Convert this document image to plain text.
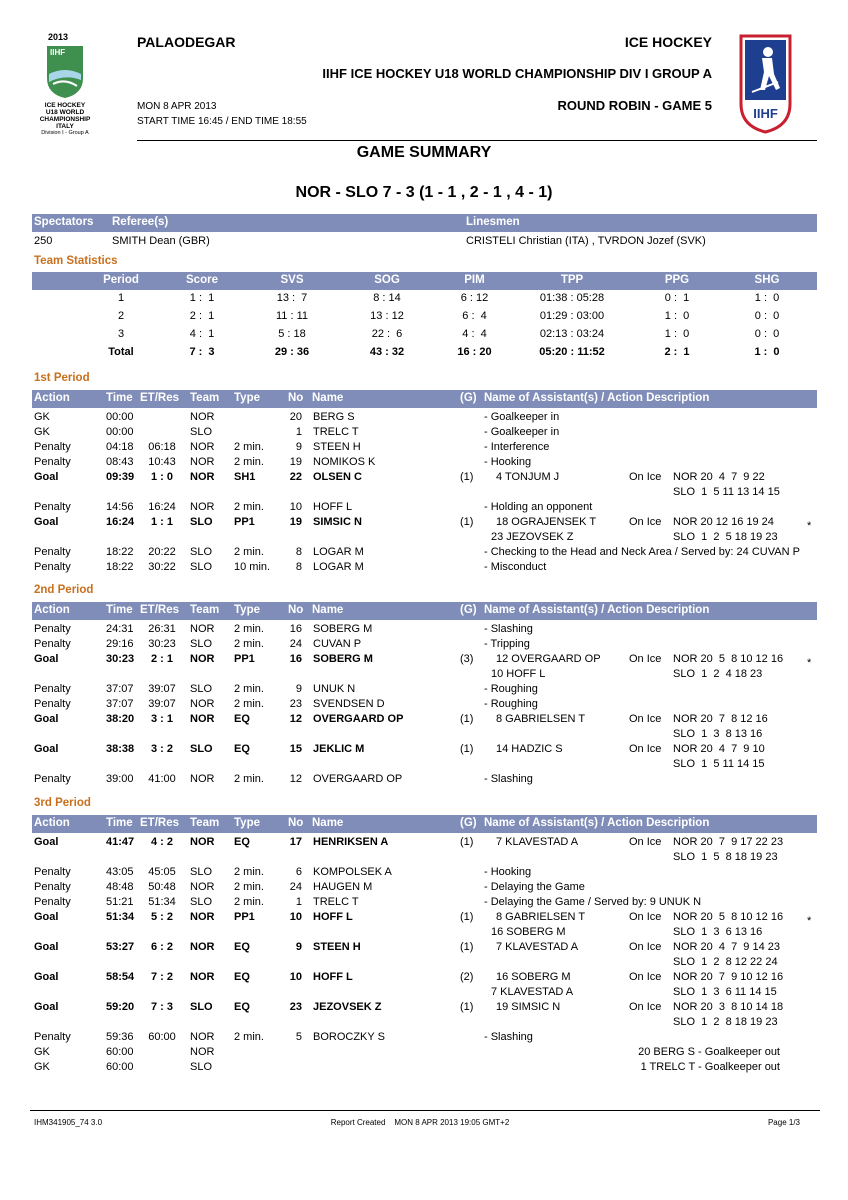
2013
IIHF
ICE HOCKEY
U18 WORLD
CHAMPIONSHIP
ITALY
Division I - Group A
PALAODEGAR	ICE HOCKEY
IIHF ICE HOCKEY U18 WORLD CHAMPIONSHIP DIV I GROUP A
MON 8 APR 2013
START TIME 16:45 / END TIME 18:55
ROUND ROBIN - GAME 5
IIHF
GAME SUMMARY
NOR - SLO 7 - 3 (1 - 1 , 2 - 1 , 4 - 1)
Spectators Referee(s)	Linesmen
250	SMITH Dean (GBR)	CRISTELI Christian (ITA) , TVRDON Jozef (SVK)
Team Statistics
Period	Score	SVS	SOG	PIM	TPP	PPG	SHG
1	1 :  1	13 :  7	8 : 14	6 : 12	01:38 : 05:28	0 :  1	1 :  0
2	2 :  1	11 : 11	13 : 12	6 :  4	01:29 : 03:00	1 :  0	0 :  0
3	4 :  1	5 : 18	22 :  6	4 :  4	02:13 : 03:24	1 :  0	0 :  0
Total	7 :  3	29 : 36	43 : 32	16 : 20	05:20 : 11:52	2 :  1	1 :  0
1st Period
Action	Time ET/Res Team Type No Name	(G) Name of Assistant(s) / Action Description
GK	00:00	NOR	20 BERG S	- Goalkeeper in
GK	00:00	SLO	1 TRELC T	- Goalkeeper in
Penalty	04:18	06:18	NOR 2 min.	9 STEEN H	- Interference
Penalty	08:43	10:43	NOR 2 min.	19 NOMIKOS K	- Hooking
Goal	09:39	1 : 0	NOR SH1	22 OLSEN C	(1) 4 TONJUM J	On Ice NOR 20  4  7  9 22
SLO  1  5 11 13 14 15
Penalty	14:56	16:24	NOR 2 min.	10 HOFF L	- Holding an opponent
Goal	16:24	1 : 1	SLO PP1	19 SIMSIC N	(1) 18 OGRAJENSEK T	On Ice NOR 20 12 16 19 24	*
23 JEZOVSEK Z	SLO  1  2  5 18 19 23
Penalty	18:22	20:22	SLO 2 min.	8 LOGAR M	- Checking to the Head and Neck Area / Served by: 24 CUVAN P
Penalty	18:22	30:22	SLO 10 min.	8 LOGAR M	- Misconduct
2nd Period
Action	Time ET/Res Team Type No Name	(G) Name of Assistant(s) / Action Description
Penalty	24:31	26:31	NOR 2 min.	16 SOBERG M	- Slashing
Penalty	29:16	30:23	SLO 2 min.	24 CUVAN P	- Tripping
Goal	30:23	2 : 1	NOR PP1	16 SOBERG M	(3) 12 OVERGAARD OP	On Ice NOR 20  5  8 10 12 16 *
10 HOFF L	SLO  1  2  4 18 23
Penalty	37:07	39:07	SLO 2 min.	9 UNUK N	- Roughing
Penalty	37:07	39:07	NOR 2 min.	23 SVENDSEN D	- Roughing
Goal	38:20	3 : 1	NOR EQ	12 OVERGAARD OP	(1) 8 GABRIELSEN T	On Ice NOR 20  7  8 12 16
SLO  1  3  8 13 16
Goal	38:38	3 : 2	SLO EQ	15 JEKLIC M	(1) 14 HADZIC S	On Ice NOR 20  4  7  9 10
SLO  1  5 11 14 15
Penalty	39:00	41:00	NOR 2 min.	12 OVERGAARD OP	- Slashing
3rd Period
Action	Time ET/Res Team Type No Name	(G) Name of Assistant(s) / Action Description
Goal	41:47	4 : 2	NOR EQ	17 HENRIKSEN A	(1) 7 KLAVESTAD A	On Ice NOR 20  7  9 17 22 23
SLO  1  5  8 18 19 23
Penalty	43:05	45:05	SLO 2 min.	6 KOMPOLSEK A	- Hooking
Penalty	48:48	50:48	NOR 2 min.	24 HAUGEN M	- Delaying the Game
Penalty	51:21	51:34	SLO 2 min.	1 TRELC T	- Delaying the Game / Served by: 9 UNUK N
Goal	51:34	5 : 2	NOR PP1	10 HOFF L	(1) 8 GABRIELSEN T	On Ice NOR 20  5  8 10 12 16 *
16 SOBERG M	SLO  1  3  6 13 16
Goal	53:27	6 : 2	NOR EQ	9 STEEN H	(1) 7 KLAVESTAD A	On Ice NOR 20  4  7  9 14 23
SLO  1  2  8 12 22 24
Goal	58:54	7 : 2	NOR EQ	10 HOFF L	(2) 16 SOBERG M	On Ice NOR 20  7  9 10 12 16
7 KLAVESTAD A	SLO  1  3  6 11 14 15
Goal	59:20	7 : 3	SLO EQ	23 JEZOVSEK Z	(1) 19 SIMSIC N	On Ice NOR 20  3  8 10 14 18
SLO  1  2  8 18 19 23
Penalty	59:36	60:00	NOR 2 min.	5 BOROCZKY S	- Slashing
GK	60:00	NOR	20 BERG S - Goalkeeper out
GK	60:00	SLO	1 TRELC T - Goalkeeper out
IHM341905_74 3.0	Report Created    MON 8 APR 2013 19:05 GMT+2	Page 1/3
